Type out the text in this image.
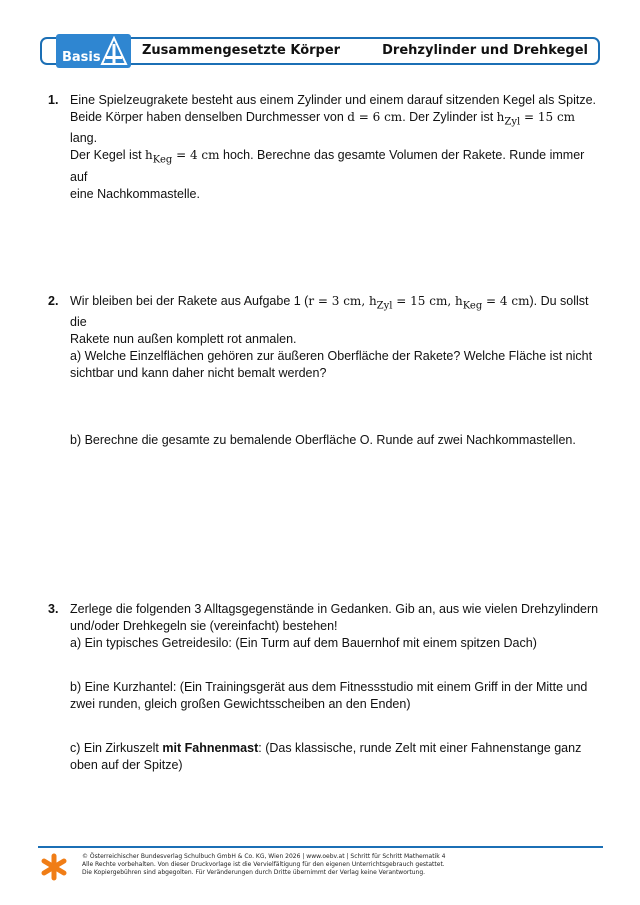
Basis	Zusammengesetzte Körper	Drehzylinder und Drehkegel
1. Eine Spielzeugrakete besteht aus einem Zylinder und einem darauf sitzenden Kegel als Spitze.

Beide Körper haben denselben Durchmesser von d = 6 cm. Der Zylinder ist $h_{Zyl} = 15$ cm lang.

Der Kegel ist $h_{Keg} = 4$ cm hoch. Berechne das gesamte Volumen der Rakete. Runde immer auf

eine Nachkommastelle.

2. Wir bleiben bei der Rakete aus Aufgabe 1 (r = 3 cm, $h_{Zyl} = 15$ cm, $h_{Keg} = 4$ cm). Du sollst die

Rakete nun außen komplett rot anmalen.

a) Welche Einzelflächen gehören zur äußeren Oberfläche der Rakete? Welche Fläche ist nicht

sichtbar und kann daher nicht bemalt werden?

b) Berechne die gesamte zu bemalende Oberfläche O. Runde auf zwei Nachkommastellen.

3. Zerlege die folgenden 3 Alltagsgegenstände in Gedanken. Gib an, aus wie vielen Drehzylindern

und/oder Drehkegeln sie (vereinfacht) bestehen!

a) Ein typisches Getreidesilo: (Ein Turm auf dem Bauernhof mit einem spitzen Dach)

b) Eine Kurzhantel: (Ein Trainingsgerät aus dem Fitnessstudio mit einem Griff in der Mitte und

zwei runden, gleich großen Gewichtsscheiben an den Enden)

c) Ein Zirkuszelt mit Fahnenmast: (Das klassische, runde Zelt mit einer Fahnenstange ganz

oben auf der Spitze)

© Österreichischer Bundesverlag Schulbuch GmbH & Co. KG, Wien 2026 | www.oebv.at | Schritt für Schritt Mathematik 4
Alle Rechte vorbehalten. Von dieser Druckvorlage ist die Vervielfältigung für den eigenen Unterrichtsgebrauch gestattet.
Die Kopiergebühren sind abgegolten. Für Veränderungen durch Dritte übernimmt der Verlag keine Verantwortung.
